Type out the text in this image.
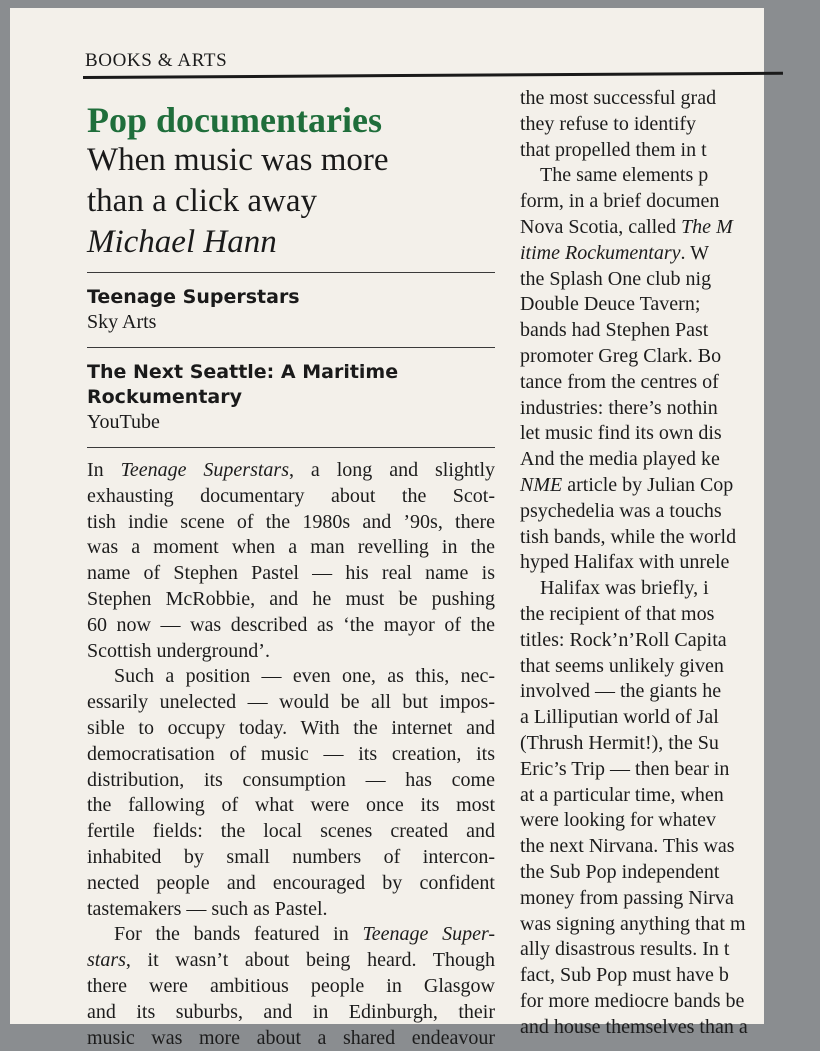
BOOKS & ARTS
Pop documentaries
When music was more
than a click away

Michael Hann

Teenage Superstars

Sky Arts

The Next Seattle: A Maritime
Rockumentary

YouTube

In Teenage Superstars, a long and slightly
exhausting documentary about the Scot-
tish indie scene of the 1980s and ’90s, there
was a moment when a man revelling in the
name of Stephen Pastel — his real name is
Stephen McRobbie, and he must be pushing
60 now — was described as ‘the mayor of the
Scottish underground’.
Such a position — even one, as this, nec-
essarily unelected — would be all but impos-
sible to occupy today. With the internet and
democratisation of music — its creation, its
distribution, its consumption — has come
the fallowing of what were once its most
fertile fields: the local scenes created and
inhabited by small numbers of intercon-
nected people and encouraged by confident
tastemakers — such as Pastel.
For the bands featured in Teenage Super-
stars, it wasn’t about being heard. Though
there were ambitious people in Glasgow
and its suburbs, and in Edinburgh, their
music was more about a shared endeavour
the most successful grad
they refuse to identify
that propelled them in t
The same elements p
form, in a brief documen
Nova Scotia, called The M
itime Rockumentary. W
the Splash One club nig
Double Deuce Tavern;
bands had Stephen Past
promoter Greg Clark. Bo
tance from the centres of
industries: there’s nothin
let music find its own dis
And the media played ke
NME article by Julian Cop
psychedelia was a touchs
tish bands, while the world
hyped Halifax with unrele
Halifax was briefly, i
the recipient of that mos
titles: Rock’n’Roll Capita
that seems unlikely given
involved — the giants he
a Lilliputian world of Jal
(Thrush Hermit!), the Su
Eric’s Trip — then bear in
at a particular time, when
were looking for whatev
the next Nirvana. This was
the Sub Pop independent
money from passing Nirva
was signing anything that m
ally disastrous results. In t
fact, Sub Pop must have b
for more mediocre bands be
and house themselves than a
